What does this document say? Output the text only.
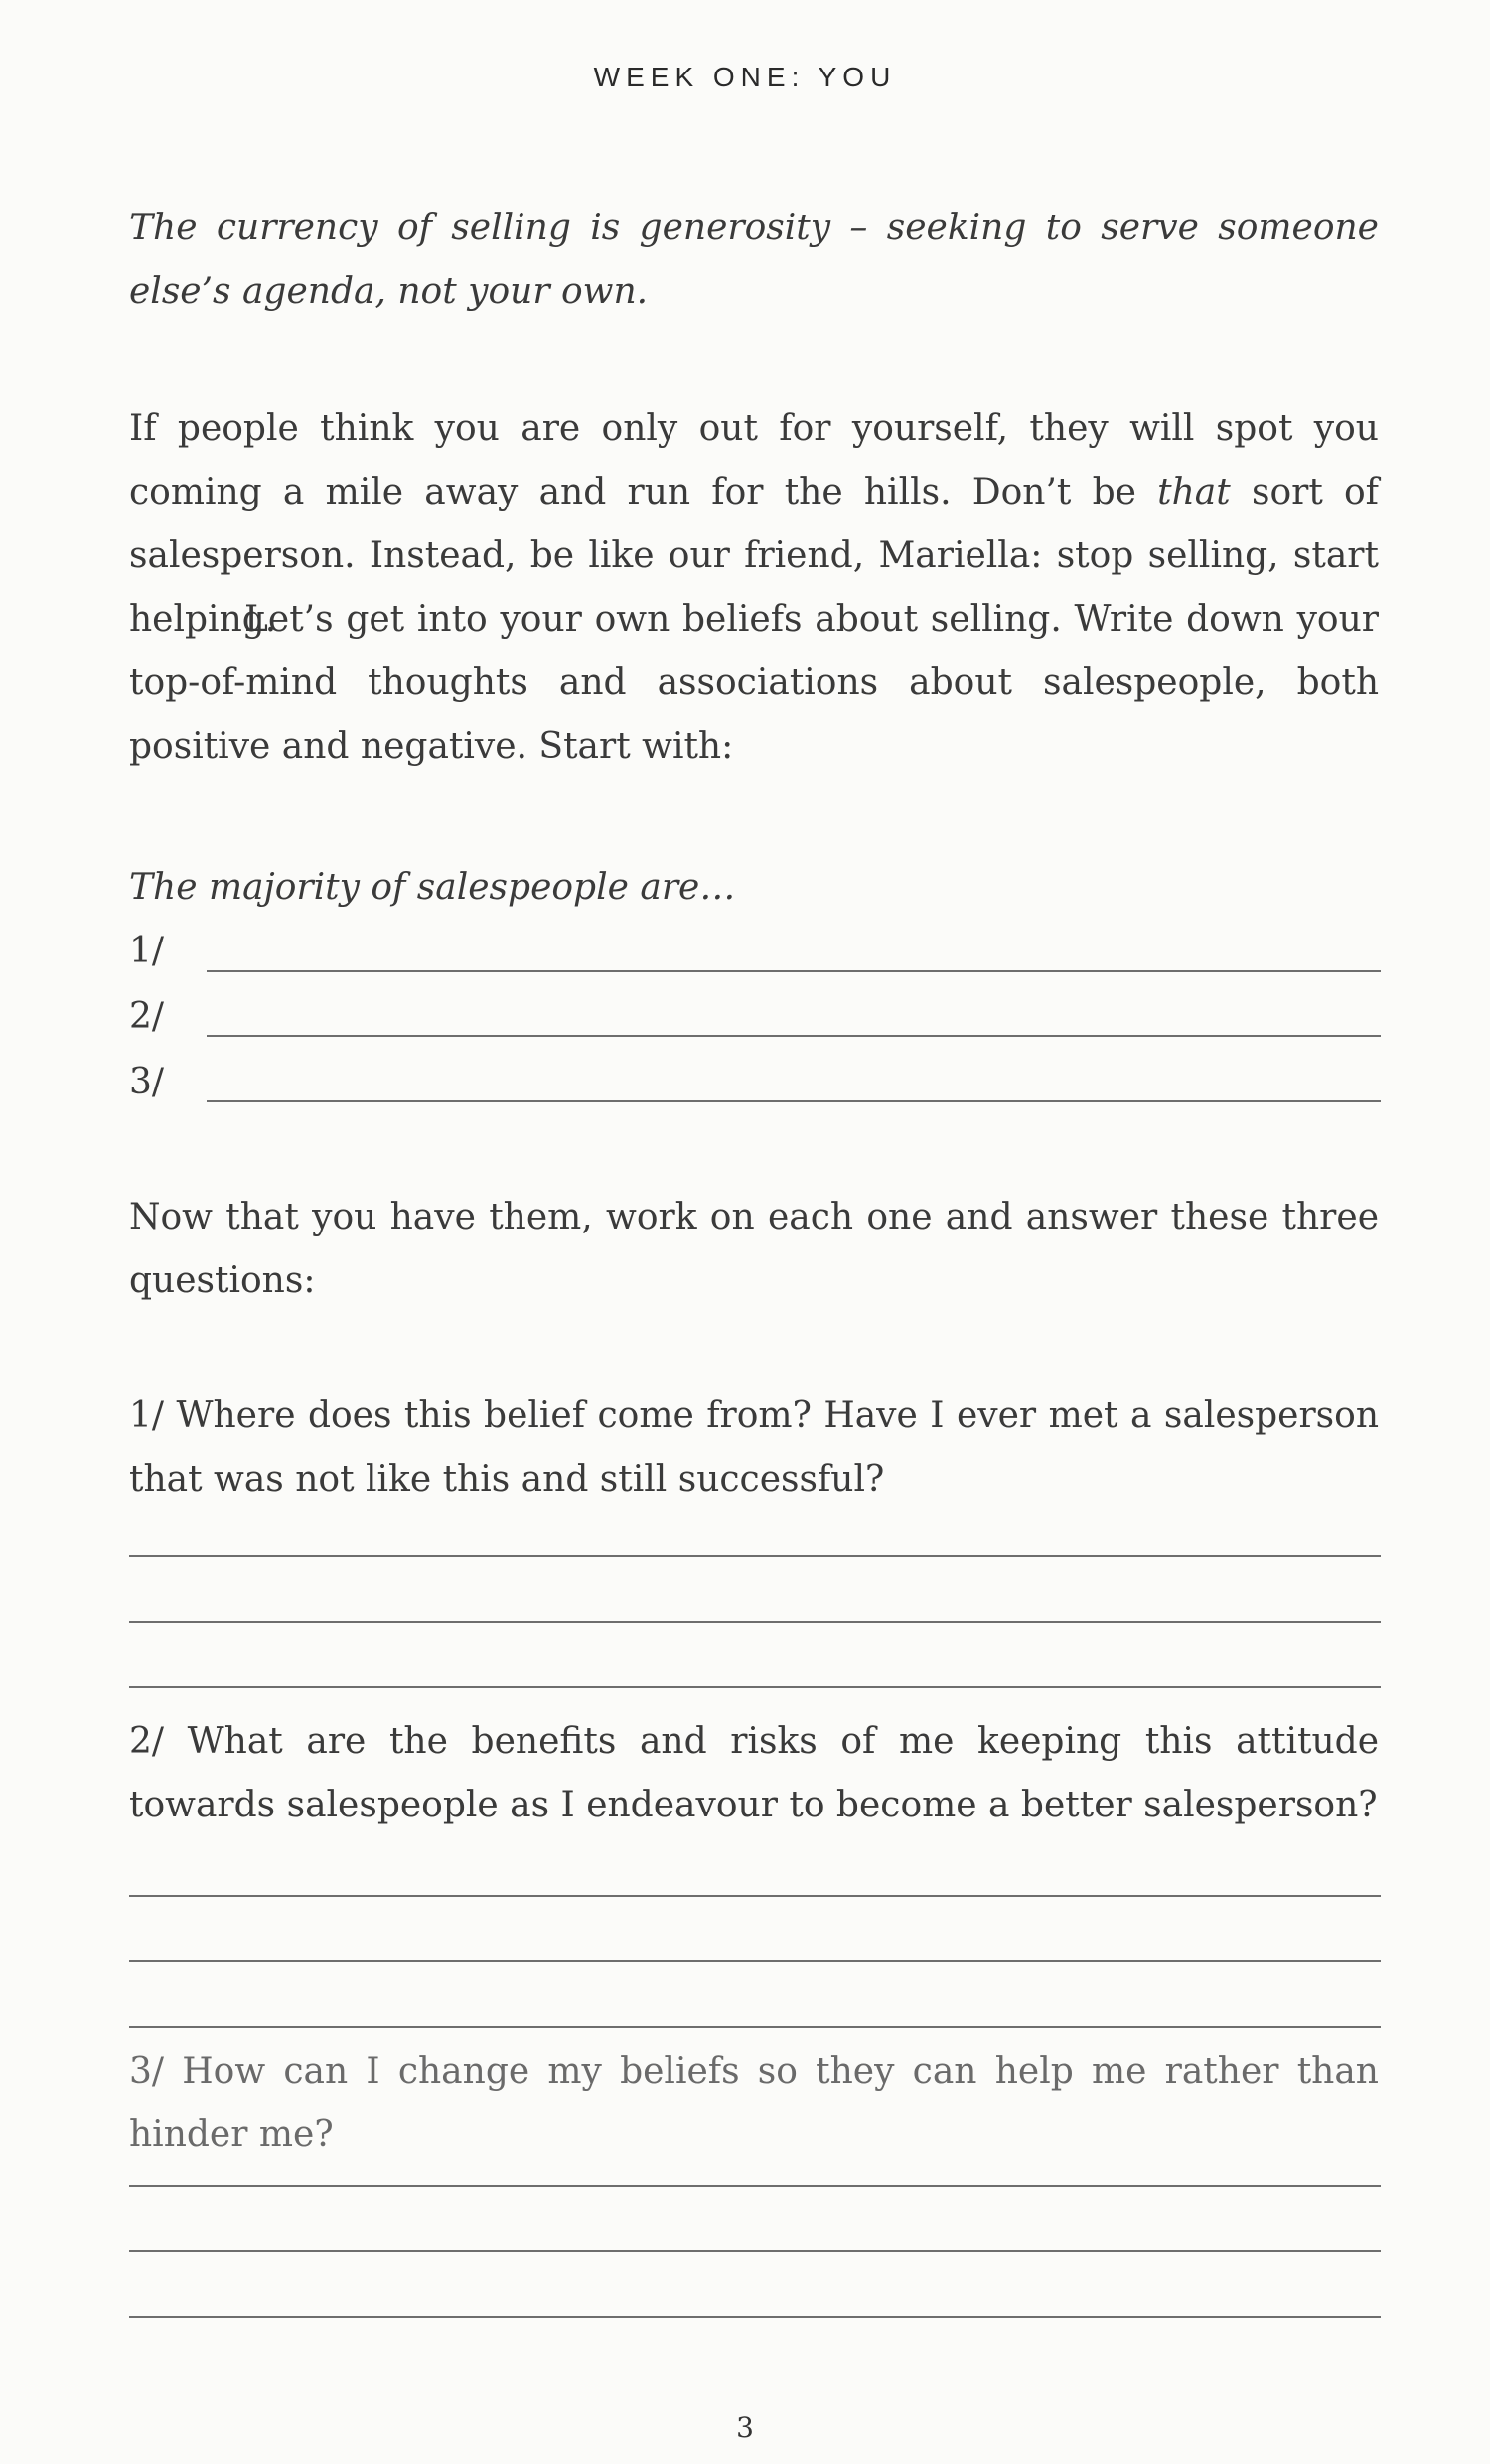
WEEK ONE: YOU

The currency of selling is generosity – seeking to serve someone else’s agenda, not your own.

If people think you are only out for yourself, they will spot you coming a mile away and run for the hills. Don’t be that sort of salesperson. Instead, be like our friend, Mariella: stop selling, start helping.

Let’s get into your own beliefs about selling. Write down your top-of-mind thoughts and associations about salespeople, both positive and negative. Start with:

The majority of salespeople are…

1/
2/
3/

Now that you have them, work on each one and answer these three questions:

1/ Where does this belief come from? Have I ever met a salesperson that was not like this and still successful?

2/ What are the benefits and risks of me keeping this attitude towards salespeople as I endeavour to become a better salesperson?

3/ How can I change my beliefs so they can help me rather than hinder me?

3
